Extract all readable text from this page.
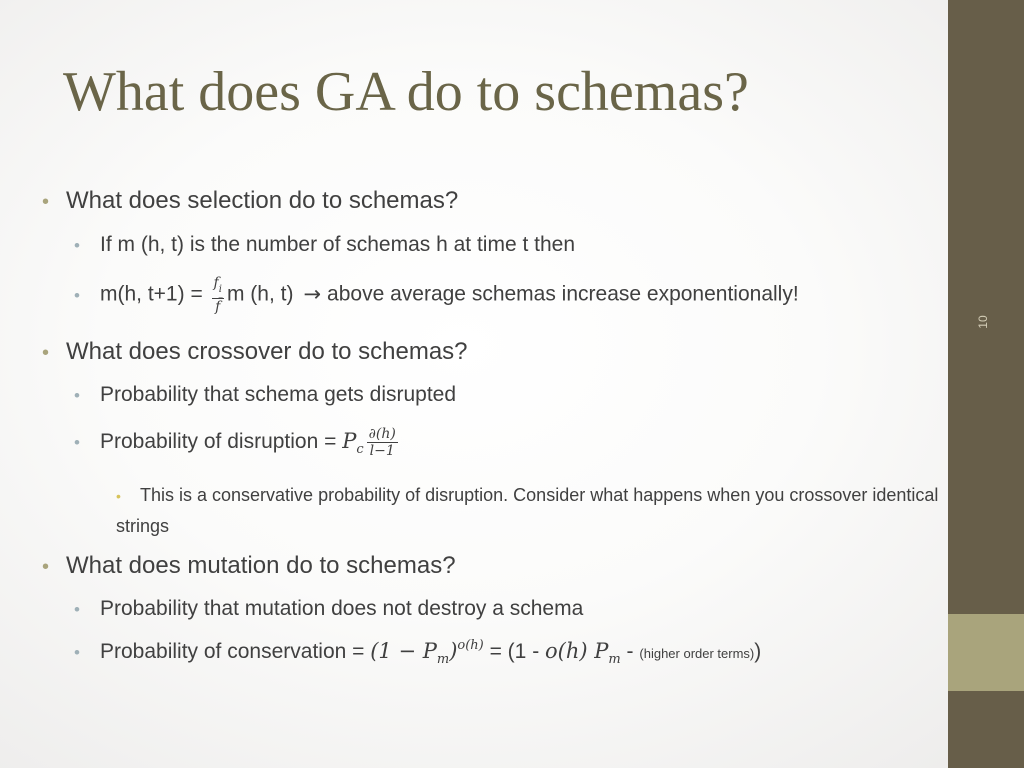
10
What does GA do to schemas?
• What does selection do to schemas?
• If m (h, t) is the number of schemas h at time t then
• m(h, $t+1) = \frac{f_i}{f̄}$ m (h, t) → above average schemas increase exponentionally!
• What does crossover do to schemas?
• Probability that schema gets disrupted
• Probability of disruption = $P_c \frac{\partial(h)}{l-1}$
• This is a conservative probability of disruption. Consider what happens when you crossover identical strings
• What does mutation do to schemas?
• Probability that mutation does not destroy a schema
• Probability of conservation = $(1 - P_m)^{o(h)} = (1 - o(h)$ $P_m$ - (higher order terms))
